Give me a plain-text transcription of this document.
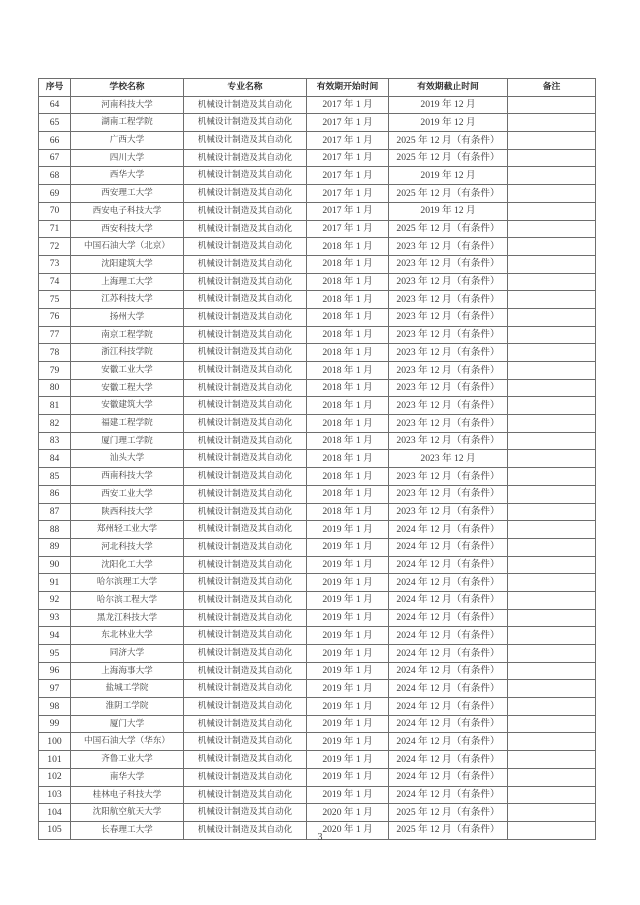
序号	学校名称	专业名称	有效期开始时间	有效期截止时间	备注
64	河南科技大学	机械设计制造及其自动化	2017 年 1 月	2019 年 12 月	
65	湖南工程学院	机械设计制造及其自动化	2017 年 1 月	2019 年 12 月	
66	广西大学	机械设计制造及其自动化	2017 年 1 月	2025 年 12 月（有条件）	
67	四川大学	机械设计制造及其自动化	2017 年 1 月	2025 年 12 月（有条件）	
68	西华大学	机械设计制造及其自动化	2017 年 1 月	2019 年 12 月	
69	西安理工大学	机械设计制造及其自动化	2017 年 1 月	2025 年 12 月（有条件）	
70	西安电子科技大学	机械设计制造及其自动化	2017 年 1 月	2019 年 12 月	
71	西安科技大学	机械设计制造及其自动化	2017 年 1 月	2025 年 12 月（有条件）	
72	中国石油大学（北京）	机械设计制造及其自动化	2018 年 1 月	2023 年 12 月（有条件）	
73	沈阳建筑大学	机械设计制造及其自动化	2018 年 1 月	2023 年 12 月（有条件）	
74	上海理工大学	机械设计制造及其自动化	2018 年 1 月	2023 年 12 月（有条件）	
75	江苏科技大学	机械设计制造及其自动化	2018 年 1 月	2023 年 12 月（有条件）	
76	扬州大学	机械设计制造及其自动化	2018 年 1 月	2023 年 12 月（有条件）	
77	南京工程学院	机械设计制造及其自动化	2018 年 1 月	2023 年 12 月（有条件）	
78	浙江科技学院	机械设计制造及其自动化	2018 年 1 月	2023 年 12 月（有条件）	
79	安徽工业大学	机械设计制造及其自动化	2018 年 1 月	2023 年 12 月（有条件）	
80	安徽工程大学	机械设计制造及其自动化	2018 年 1 月	2023 年 12 月（有条件）	
81	安徽建筑大学	机械设计制造及其自动化	2018 年 1 月	2023 年 12 月（有条件）	
82	福建工程学院	机械设计制造及其自动化	2018 年 1 月	2023 年 12 月（有条件）	
83	厦门理工学院	机械设计制造及其自动化	2018 年 1 月	2023 年 12 月（有条件）	
84	汕头大学	机械设计制造及其自动化	2018 年 1 月	2023 年 12 月	
85	西南科技大学	机械设计制造及其自动化	2018 年 1 月	2023 年 12 月（有条件）	
86	西安工业大学	机械设计制造及其自动化	2018 年 1 月	2023 年 12 月（有条件）	
87	陕西科技大学	机械设计制造及其自动化	2018 年 1 月	2023 年 12 月（有条件）	
88	郑州轻工业大学	机械设计制造及其自动化	2019 年 1 月	2024 年 12 月（有条件）	
89	河北科技大学	机械设计制造及其自动化	2019 年 1 月	2024 年 12 月（有条件）	
90	沈阳化工大学	机械设计制造及其自动化	2019 年 1 月	2024 年 12 月（有条件）	
91	哈尔滨理工大学	机械设计制造及其自动化	2019 年 1 月	2024 年 12 月（有条件）	
92	哈尔滨工程大学	机械设计制造及其自动化	2019 年 1 月	2024 年 12 月（有条件）	
93	黑龙江科技大学	机械设计制造及其自动化	2019 年 1 月	2024 年 12 月（有条件）	
94	东北林业大学	机械设计制造及其自动化	2019 年 1 月	2024 年 12 月（有条件）	
95	同济大学	机械设计制造及其自动化	2019 年 1 月	2024 年 12 月（有条件）	
96	上海海事大学	机械设计制造及其自动化	2019 年 1 月	2024 年 12 月（有条件）	
97	盐城工学院	机械设计制造及其自动化	2019 年 1 月	2024 年 12 月（有条件）	
98	淮阴工学院	机械设计制造及其自动化	2019 年 1 月	2024 年 12 月（有条件）	
99	厦门大学	机械设计制造及其自动化	2019 年 1 月	2024 年 12 月（有条件）	
100	中国石油大学（华东）	机械设计制造及其自动化	2019 年 1 月	2024 年 12 月（有条件）	
101	齐鲁工业大学	机械设计制造及其自动化	2019 年 1 月	2024 年 12 月（有条件）	
102	南华大学	机械设计制造及其自动化	2019 年 1 月	2024 年 12 月（有条件）	
103	桂林电子科技大学	机械设计制造及其自动化	2019 年 1 月	2024 年 12 月（有条件）	
104	沈阳航空航天大学	机械设计制造及其自动化	2020 年 1 月	2025 年 12 月（有条件）	
105	长春理工大学	机械设计制造及其自动化	2020 年 1 月	2025 年 12 月（有条件）	
3
